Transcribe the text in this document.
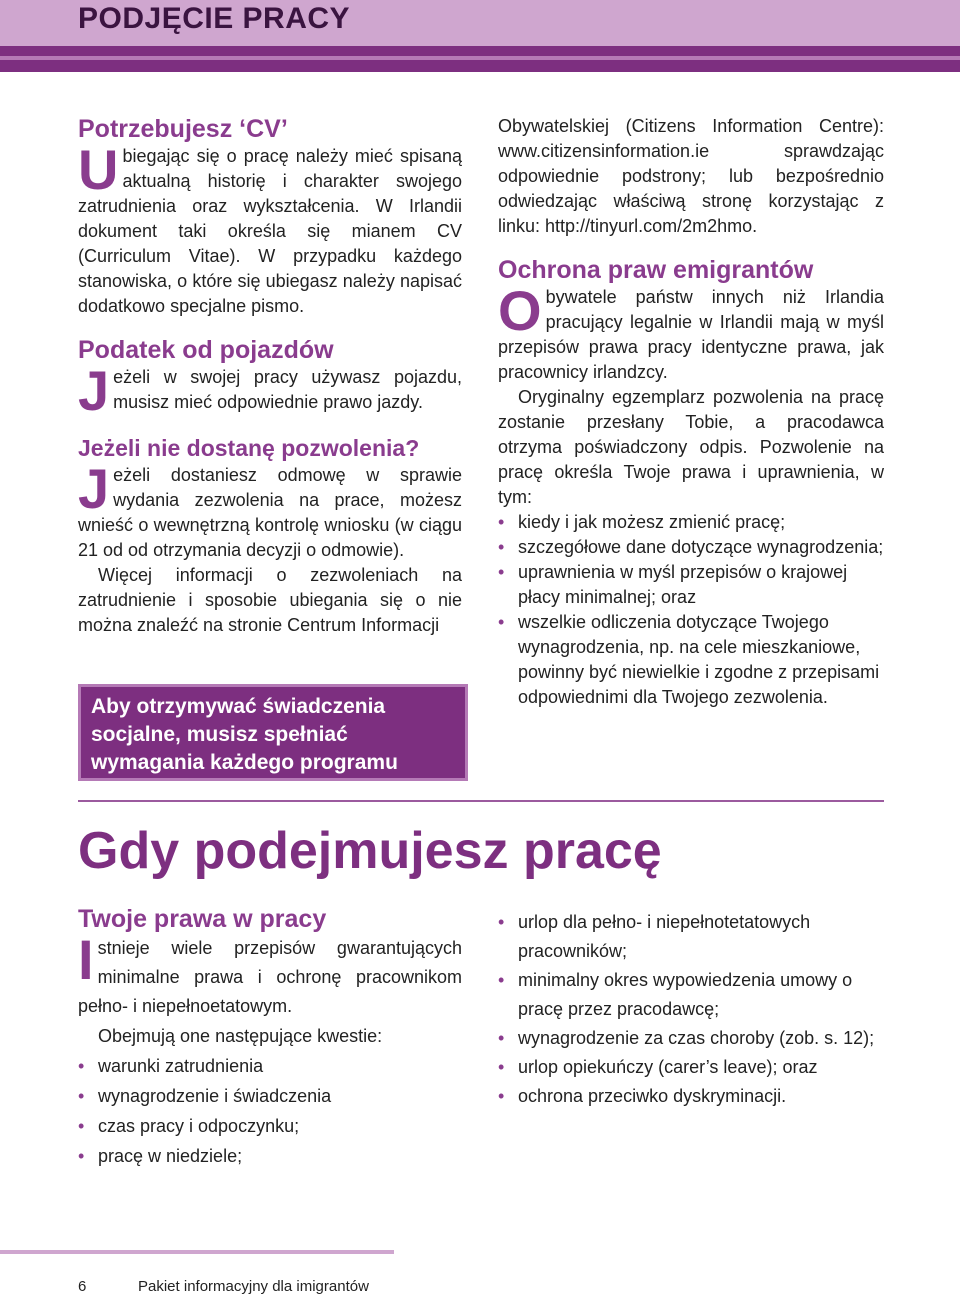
PODJĘCIE PRACY
Potrzebujesz ‘CV’

Ubiegając się o pracę należy mieć spisaną aktualną historię i charakter swojego zatrudnienia oraz wykształcenia. W Irlandii dokument taki określa się mianem CV (Curriculum Vitae). W przypadku każdego stanowiska, o które się ubiegasz należy napisać dodatkowo specjalne pismo.

Podatek od pojazdów

Jeżeli w swojej pracy używasz pojazdu, musisz mieć odpowiednie prawo jazdy.

Jeżeli nie dostanę pozwolenia?

Jeżeli dostaniesz odmowę w sprawie wydania zezwolenia na prace, możesz wnieść o wewnętrzną kontrolę wniosku (w ciągu 21 od od otrzymania decyzji o odmowie).

Więcej informacji o zezwoleniach na zatrudnienie i sposobie ubiegania się o nie można znaleźć na stronie Centrum Informacji

Aby otrzymywać świadczenia socjalne, musisz spełniać wymagania każdego programu

Obywatelskiej (Citizens Information Centre): www.citizensinformation.ie sprawdzając odpowiednie podstrony; lub bezpośrednio odwiedzając właściwą stronę korzystając z linku: http://tinyurl.com/2m2hmo.

Ochrona praw emigrantów

Obywatele państw innych niż Irlandia pracujący legalnie w Irlandii mają w myśl przepisów prawa pracy identyczne prawa, jak pracownicy irlandzcy.

Oryginalny egzemplarz pozwolenia na pracę zostanie przesłany Tobie, a pracodawca otrzyma poświadczony odpis. Pozwolenie na pracę określa Twoje prawa i uprawnienia, w tym:

• kiedy i jak możesz zmienić pracę;
• szczegółowe dane dotyczące wynagrodzenia;
• uprawnienia w myśl przepisów o krajowej płacy minimalnej; oraz
• wszelkie odliczenia dotyczące Twojego wynagrodzenia, np. na cele mieszkaniowe, powinny być niewielkie i zgodne z przepisami odpowiednimi dla Twojego zezwolenia.
Gdy podejmujesz pracę
Twoje prawa w pracy

Istnieje wiele przepisów gwarantujących minimalne prawa i ochronę pracownikom pełno- i niepełnoetatowym.

Obejmują one następujące kwestie:

• warunki zatrudnienia
• wynagrodzenie i świadczenia
• czas pracy i odpoczynku;
• pracę w niedziele;
• urlop dla pełno- i niepełnotetatowych pracowników;
• minimalny okres wypowiedzenia umowy o pracę przez pracodawcę;
• wynagrodzenie za czas choroby (zob. s. 12);
• urlop opiekuńczy (carer’s leave); oraz
• ochrona przeciwko dyskryminacji.
6	Pakiet informacyjny dla imigrantów
